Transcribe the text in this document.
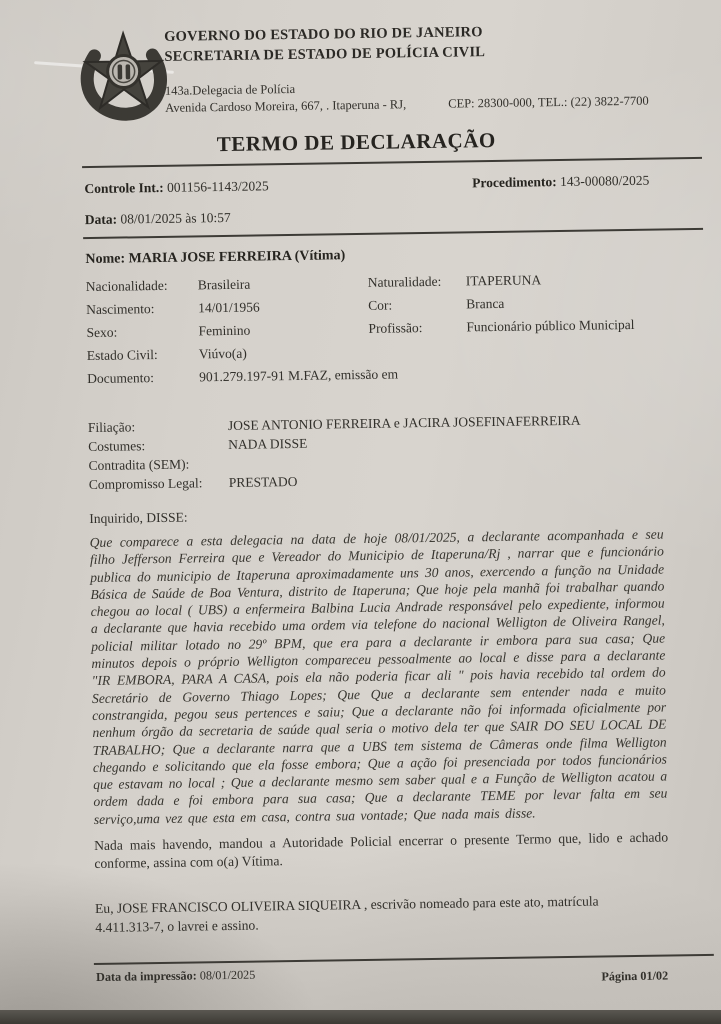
GOVERNO DO ESTADO DO RIO DE JANEIRO
SECRETARIA DE ESTADO DE POLÍCIA CIVIL
143a.Delegacia de Polícia
Avenida Cardoso Moreira, 667, . Itaperuna - RJ,	CEP: 28300-000, TEL.: (22) 3822-7700
TERMO DE DECLARAÇÃO
Controle Int.: 001156-1143/2025	Procedimento: 143-00080/2025
Data: 08/01/2025 às 10:57
Nome: MARIA JOSE FERREIRA (Vítima)
Nacionalidade:	Brasileira	Naturalidade:	ITAPERUNA
Nascimento:	14/01/1956	Cor:	Branca
Sexo:	Feminino	Profissão:	Funcionário público Municipal
Estado Civil:	Viúvo(a)
Documento:	901.279.197-91 M.FAZ, emissão em
Filiação:	JOSE ANTONIO FERREIRA e JACIRA JOSEFINAFERREIRA
Costumes:	NADA DISSE
Contradita (SEM):
Compromisso Legal:	PRESTADO
Inquirido, DISSE:

Que comparece a esta delegacia na data de hoje 08/01/2025, a declarante acompanhada e seu filho Jefferson Ferreira que e Vereador do Municipio de Itaperuna/Rj , narrar que e funcionário publica do municipio de Itaperuna aproximadamente uns 30 anos, exercendo a função na Unidade Básica de Saúde de Boa Ventura, distrito de Itaperuna; Que hoje pela manhã foi trabalhar quando chegou ao local ( UBS) a enfermeira Balbina Lucia Andrade responsável pelo expediente, informou a declarante que havia recebido uma ordem via telefone do nacional Welligton de Oliveira Rangel, policial militar lotado no 29º BPM, que era para a declarante ir embora para sua casa; Que minutos depois o próprio Welligton compareceu pessoalmente ao local e disse para a declarante "IR EMBORA, PARA A CASA, pois ela não poderia ficar ali " pois havia recebido tal ordem do Secretário de Governo Thiago Lopes; Que Que a declarante sem entender nada e muito constrangida, pegou seus pertences e saiu; Que a declarante não foi informada oficialmente por nenhum órgão da secretaria de saúde qual seria o motivo dela ter que SAIR DO SEU LOCAL DE TRABALHO; Que a declarante narra que a UBS tem sistema de Câmeras onde filma Welligton chegando e solicitando que ela fosse embora; Que a ação foi presenciada por todos funcionários que estavam no local ; Que a declarante mesmo sem saber qual e a Função de Welligton acatou a ordem dada e foi embora para sua casa; Que a declarante TEME por levar falta em seu serviço,uma vez que esta em casa, contra sua vontade; Que nada mais disse.

Nada mais havendo, mandou a Autoridade Policial encerrar o presente Termo que, lido e achado conforme, assina com o(a) Vítima.

Eu, JOSE FRANCISCO OLIVEIRA SIQUEIRA , escrivão nomeado para este ato, matrícula 4.411.313-7, o lavrei e assino.

Data da impressão: 08/01/2025	Página 01/02
